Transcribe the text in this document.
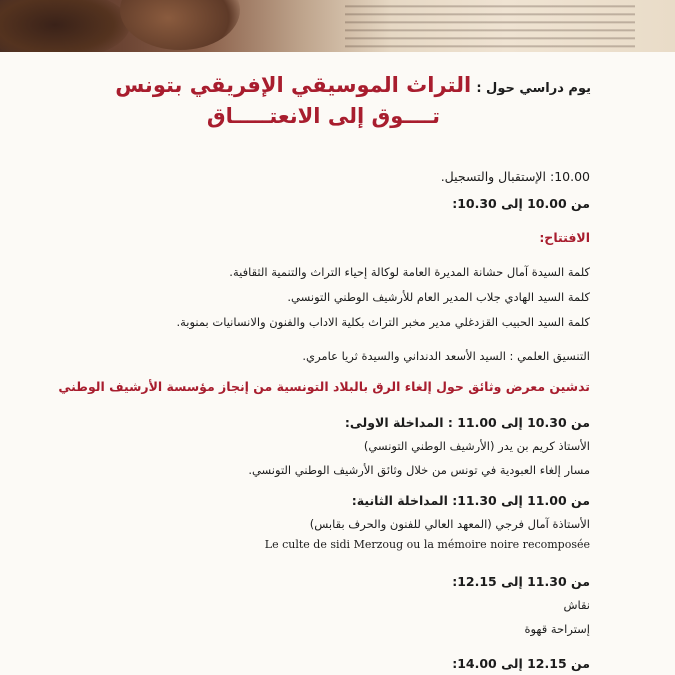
يوم دراسي حول : التراث الموسيقي الإفريقي بتونس
تــــوق إلى الانعتـــــاق
10.00: الإستقبال والتسجيل.
من 10.00 إلى 10.30:
الافتتاح:
كلمة السيدة آمال حشانة المديرة العامة لوكالة إحياء التراث والتنمية الثقافية.
كلمة السيد الهادي جلاب المدير العام للأرشيف الوطني التونسي.
كلمة السيد الحبيب القزدغلي مدير مخبر التراث بكلية الاداب والفنون والانسانيات بمنوبة.
التنسيق العلمي : السيد الأسعد الدنداني والسيدة ثريا عامري.
تدشين معرض وثائق حول إلغاء الرق بالبلاد التونسية من إنجاز مؤسسة الأرشيف الوطني
من 10.30 إلى 11.00 : المداخلة الاولى:
الأستاذ كريم بن يدر (الأرشيف الوطني التونسي)
مسار إلغاء العبودية في تونس من خلال وثائق الأرشيف الوطني التونسي.
من 11.00 إلى 11.30: المداخلة الثانية:
الأستاذة آمال فرجي (المعهد العالي للفنون والحرف بقابس)
Le culte de sidi Merzoug ou la mémoire noire recomposée
من 11.30 إلى 12.15:
نقاش
إستراحة قهوة
من 12.15 إلى 14.00:
